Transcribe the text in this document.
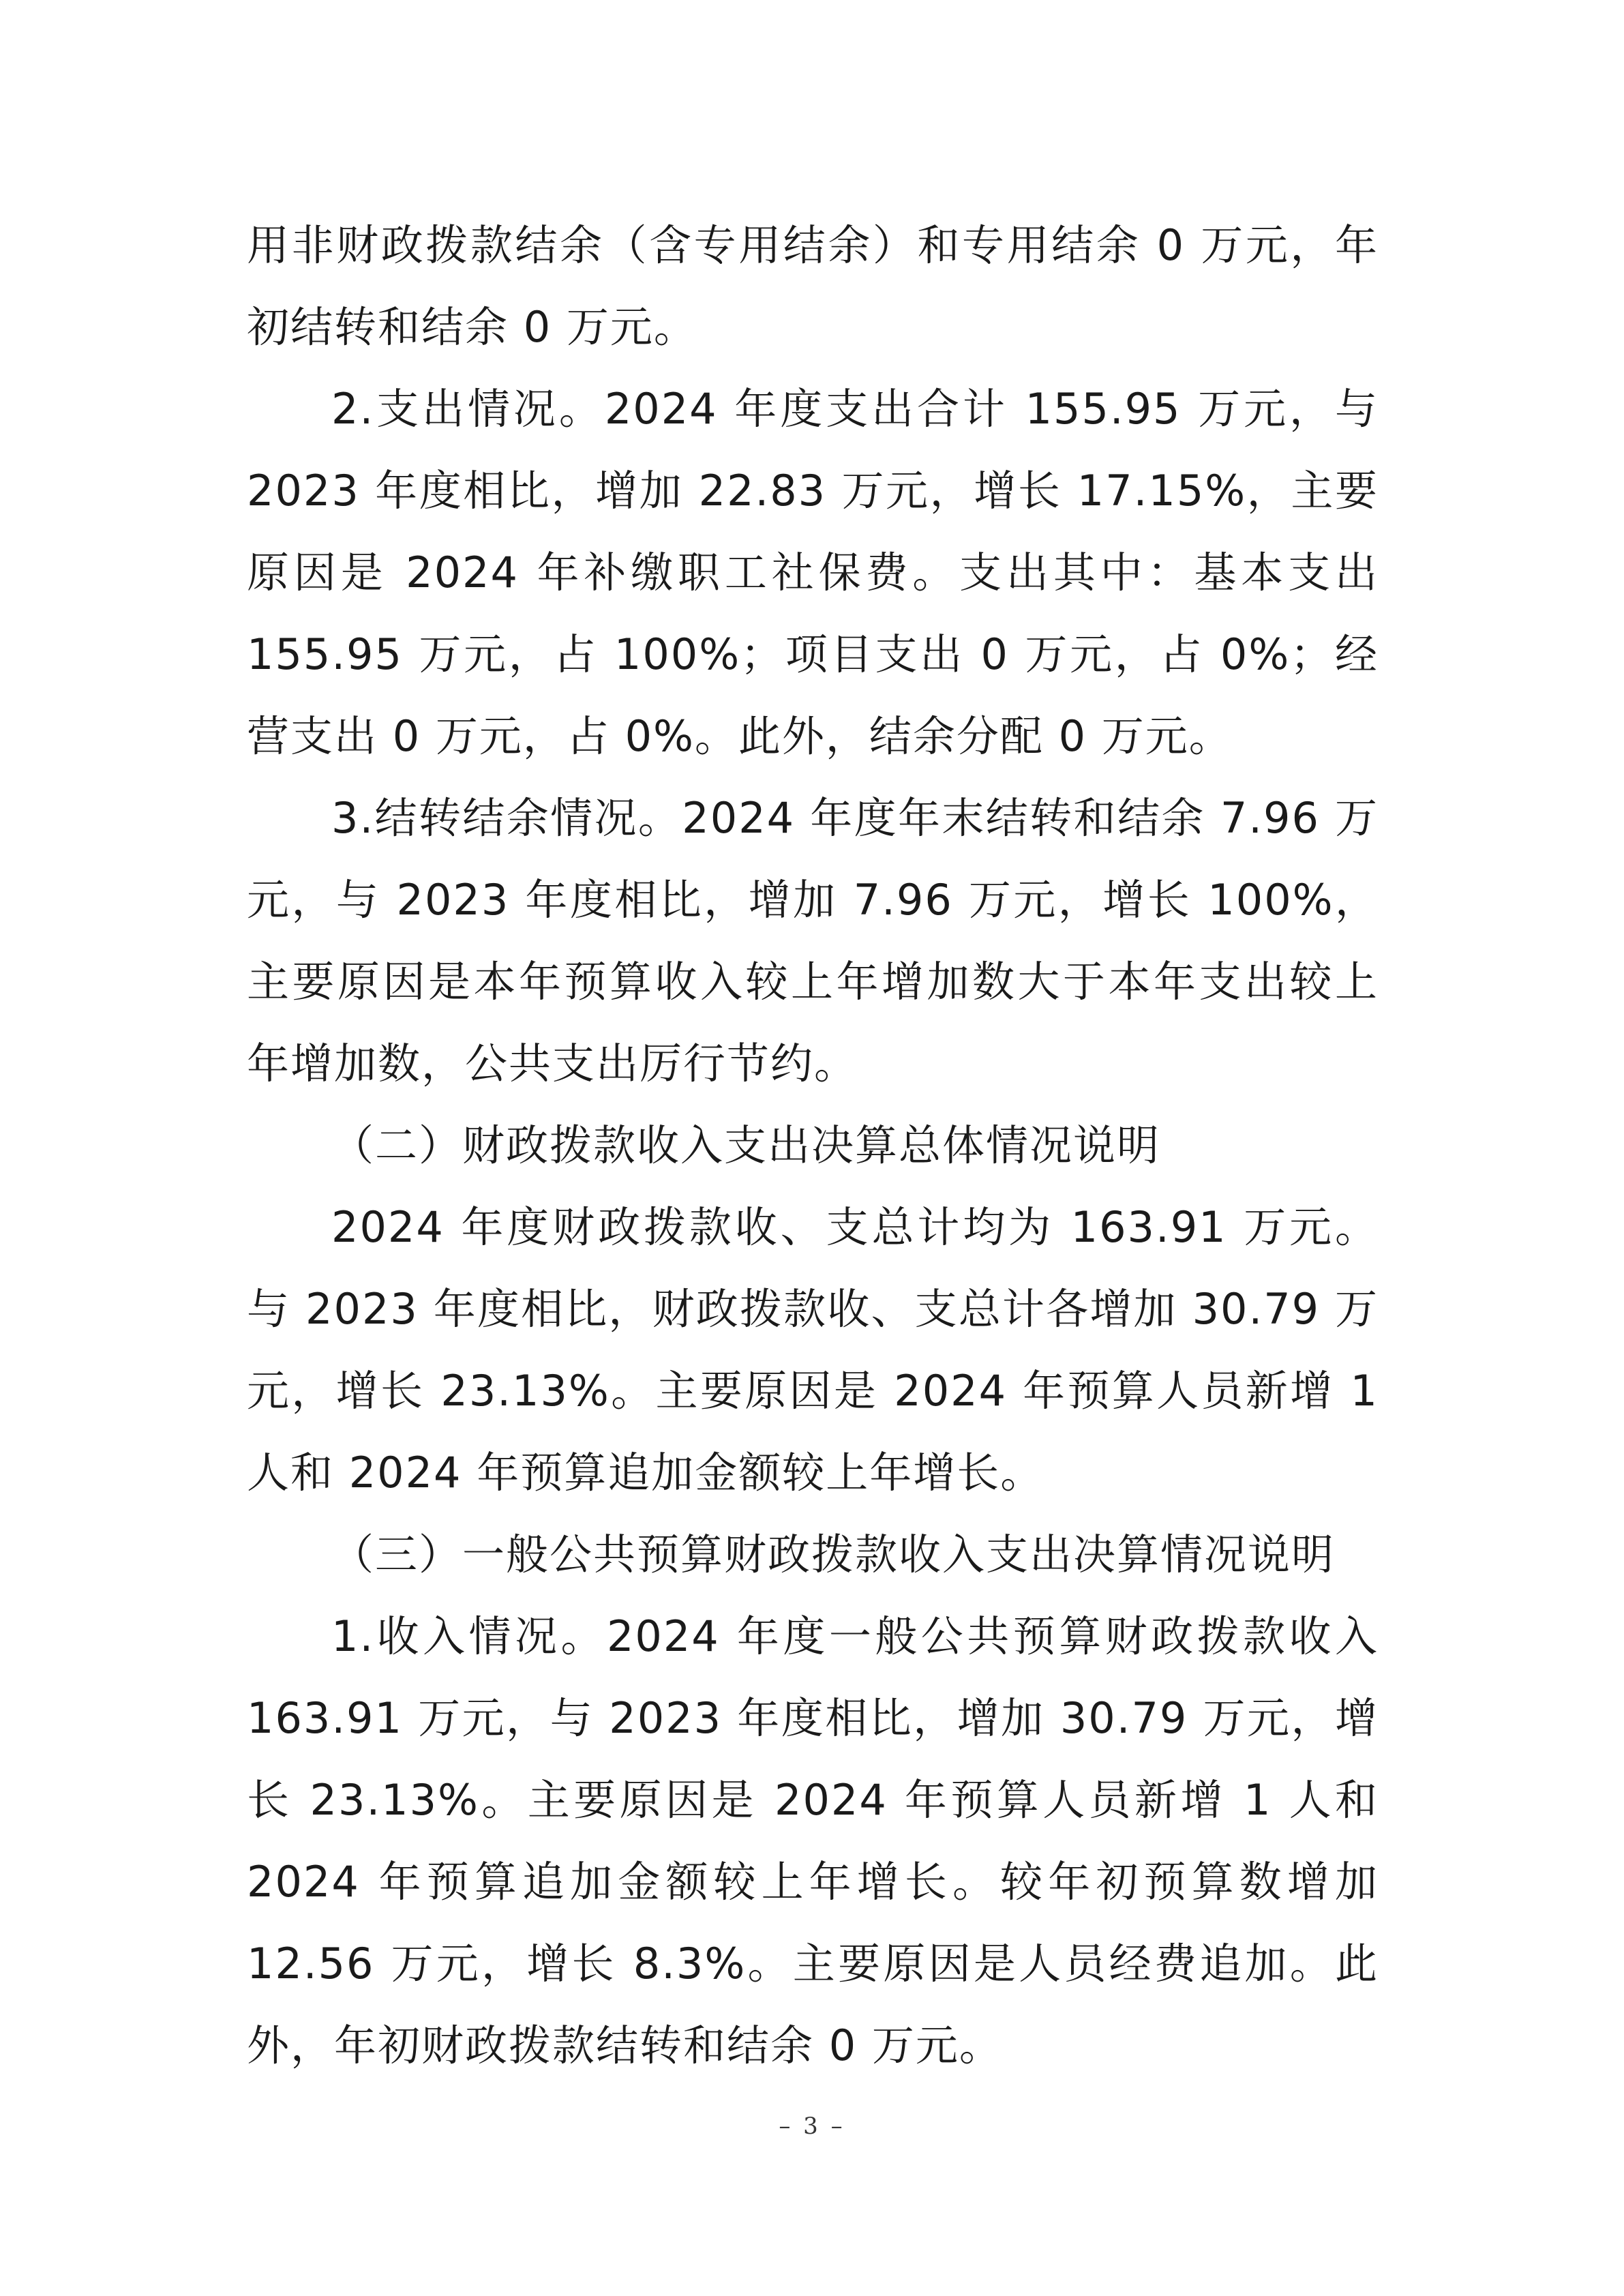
用非财政拨款结余（含专用结余）和专用结余 0 万元，年初结转和结余 0 万元。

2.支出情况。2024 年度支出合计 155.95 万元，与 2023 年度相比，增加 22.83 万元，增长 17.15%，主要原因是 2024 年补缴职工社保费。支出其中：基本支出 155.95 万元，占 100%；项目支出 0 万元，占 0%；经营支出 0 万元，占 0%。此外，结余分配 0 万元。

3.结转结余情况。2024 年度年末结转和结余 7.96 万元，与 2023 年度相比，增加 7.96 万元，增长 100%，主要原因是本年预算收入较上年增加数大于本年支出较上年增加数，公共支出厉行节约。

（二）财政拨款收入支出决算总体情况说明

2024 年度财政拨款收、支总计均为 163.91 万元。与 2023 年度相比，财政拨款收、支总计各增加 30.79 万元，增长 23.13%。主要原因是 2024 年预算人员新增 1 人和 2024 年预算追加金额较上年增长。

（三）一般公共预算财政拨款收入支出决算情况说明

1.收入情况。2024 年度一般公共预算财政拨款收入 163.91 万元，与 2023 年度相比，增加 30.79 万元，增长 23.13%。主要原因是 2024 年预算人员新增 1 人和 2024 年预算追加金额较上年增长。较年初预算数增加 12.56 万元，增长 8.3%。主要原因是人员经费追加。此外，年初财政拨款结转和结余 0 万元。

– 3 –
